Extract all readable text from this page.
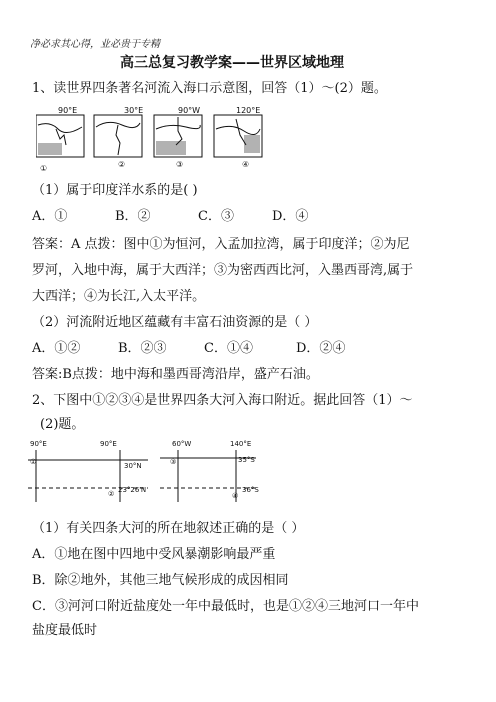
净必求其心得，业必贵于专精
高三总复习教学案——世界区域地理
1、读世界四条著名河流入海口示意图，回答（1）～(2）题。
90°E	30°E	90°W	120°E
①	②	③	④
（1）属于印度洋水系的是( )
A．①	B．②	C．③	D．④
答案：A 点拨：图中①为恒河，入孟加拉湾，属于印度洋；②为尼
罗河，入地中海，属于大西洋；③为密西西比河，入墨西哥湾,属于
大西洋；④为长江,入太平洋。
（2）河流附近地区蕴藏有丰富石油资源的是（ ）
A．①②	B．②③	C．①④	D．②④
答案:B点拨：地中海和墨西哥湾沿岸，盛产石油。
2、下图中①②③④是世界四条大河入海口附近。据此回答（1）～
(2)题。
90°E	90°E
30°N
23°26′N
①
②
60°W	140°E
35°S
36°S
③
④
（1）有关四条大河的所在地叙述正确的是（ ）
A．①地在图中四地中受风暴潮影响最严重
B．除②地外，其他三地气候形成的成因相同
C．③河河口附近盐度处一年中最低时，也是①②④三地河口一年中
盐度最低时
